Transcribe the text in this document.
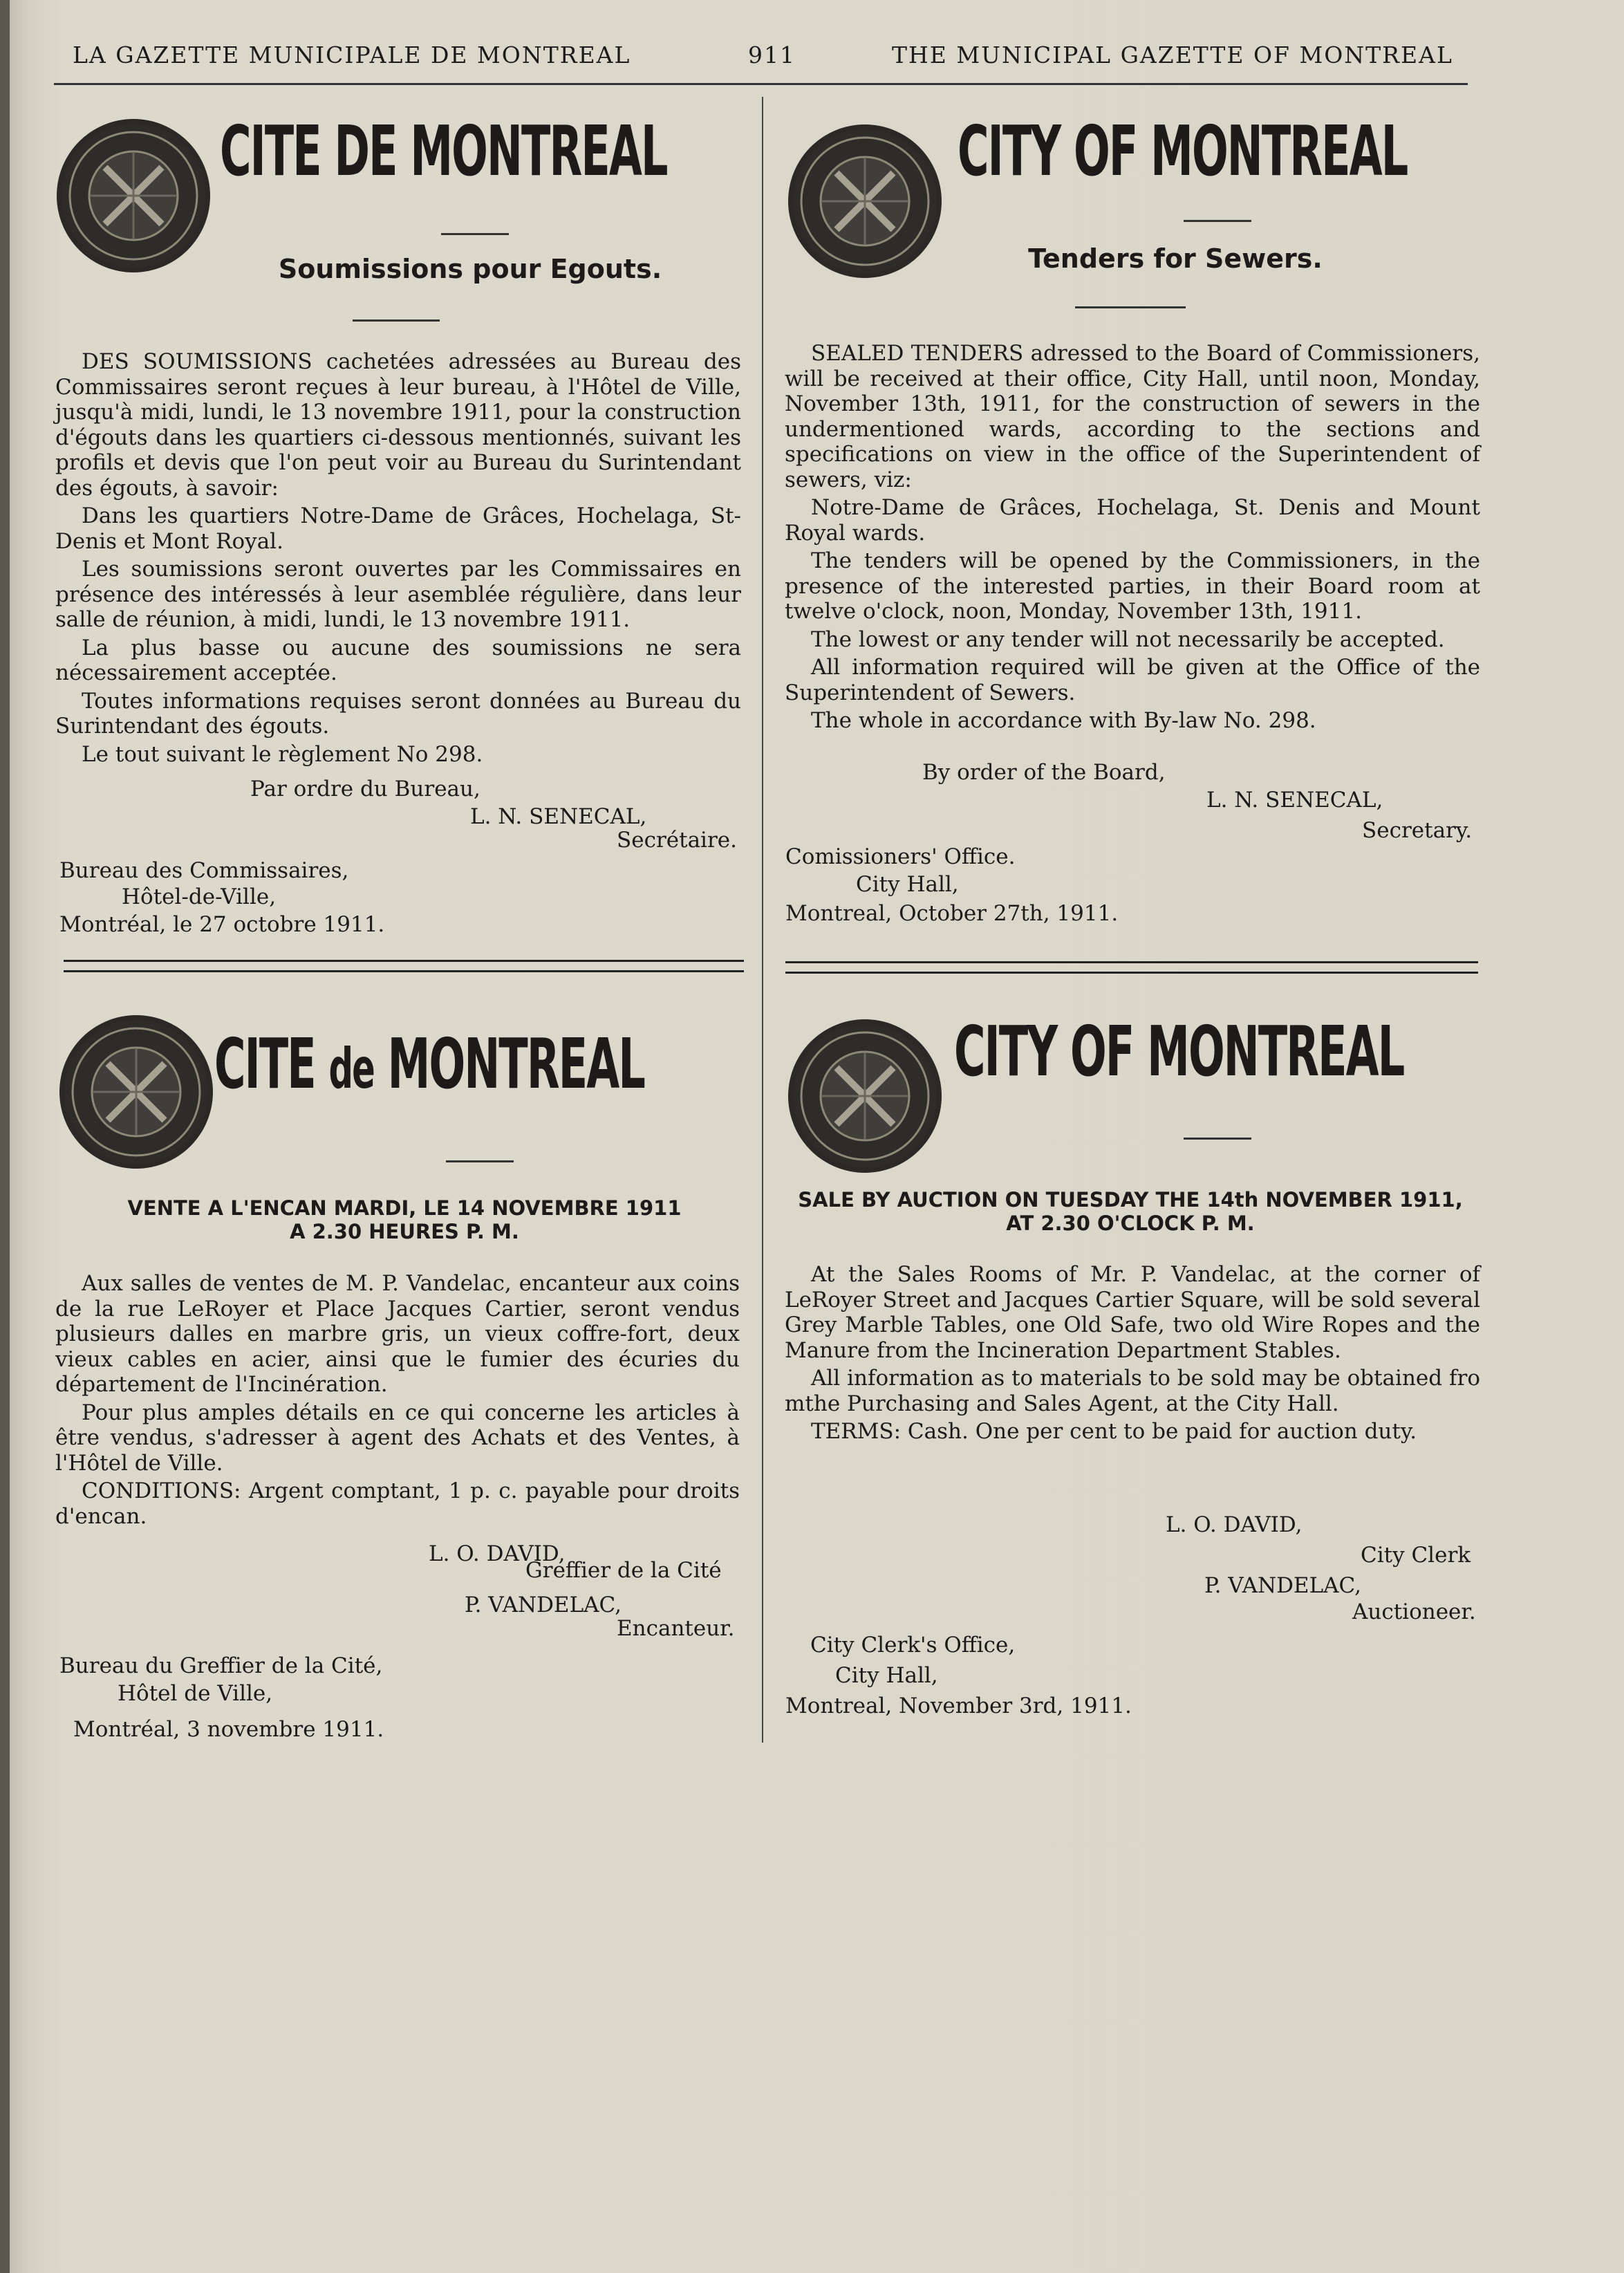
LA GAZETTE MUNICIPALE DE MONTREAL	911	THE MUNICIPAL GAZETTE OF MONTREAL
CITE DE MONTREAL
Soumissions pour Egouts.

DES SOUMISSIONS cachetées adressées au Bureau des Commissaires seront reçues à leur bureau, à l'Hôtel de Ville, jusqu'à midi, lundi, le 13 novembre 1911, pour la construction d'égouts dans les quartiers ci-dessous mentionnés, suivant les profils et devis que l'on peut voir au Bureau du Surintendant des égouts, à savoir:

Dans les quartiers Notre-Dame de Grâces, Hochelaga, St-Denis et Mont Royal.

Les soumissions seront ouvertes par les Commissaires en présence des intéressés à leur asemblée régulière, dans leur salle de réunion, à midi, lundi, le 13 novembre 1911.

La plus basse ou aucune des soumissions ne sera nécessairement acceptée.

Toutes informations requises seront données au Bureau du Surintendant des égouts.

Le tout suivant le règlement No 298.

Par ordre du Bureau,
L. N. SENECAL,
Secrétaire.
Bureau des Commissaires,
Hôtel-de-Ville,
Montréal, le 27 octobre 1911.
CITY OF MONTREAL
Tenders for Sewers.

SEALED TENDERS adressed to the Board of Commissioners, will be received at their office, City Hall, until noon, Monday, November 13th, 1911, for the construction of sewers in the undermentioned wards, according to the sections and specifications on view in the office of the Superintendent of sewers, viz:

Notre-Dame de Grâces, Hochelaga, St. Denis and Mount Royal wards.

The tenders will be opened by the Commissioners, in the presence of the interested parties, in their Board room at twelve o'clock, noon, Monday, November 13th, 1911.

The lowest or any tender will not necessarily be accepted.

All information required will be given at the Office of the Superintendent of Sewers.

The whole in accordance with By-law No. 298.

By order of the Board,
L. N. SENECAL,
Secretary.
Comissioners' Office.
City Hall,
Montreal, October 27th, 1911.
CITE de MONTREAL
VENTE A L'ENCAN MARDI, LE 14 NOVEMBRE 1911 A 2.30 HEURES P. M.

Aux salles de ventes de M. P. Vandelac, encanteur aux coins de la rue LeRoyer et Place Jacques Cartier, seront vendus plusieurs dalles en marbre gris, un vieux coffre-fort, deux vieux cables en acier, ainsi que le fumier des écuries du département de l'Incinération.

Pour plus amples détails en ce qui concerne les articles à être vendus, s'adresser à agent des Achats et des Ventes, à l'Hôtel de Ville.

CONDITIONS: Argent comptant, 1 p. c. payable pour droits d'encan.

L. O. DAVID,
Greffier de la Cité
P. VANDELAC,
Encanteur.
Bureau du Greffier de la Cité,
Hôtel de Ville,
Montréal, 3 novembre 1911.
CITY OF MONTREAL
SALE BY AUCTION ON TUESDAY THE 14th NOVEMBER 1911, AT 2.30 O'CLOCK P. M.

At the Sales Rooms of Mr. P. Vandelac, at the corner of LeRoyer Street and Jacques Cartier Square, will be sold several Grey Marble Tables, one Old Safe, two old Wire Ropes and the Manure from the Incineration Department Stables.

All information as to materials to be sold may be obtained fro mthe Purchasing and Sales Agent, at the City Hall.

TERMS: Cash. One per cent to be paid for auction duty.

L. O. DAVID,
City Clerk
P. VANDELAC,
Auctioneer.
City Clerk's Office,
City Hall,
Montreal, November 3rd, 1911.
